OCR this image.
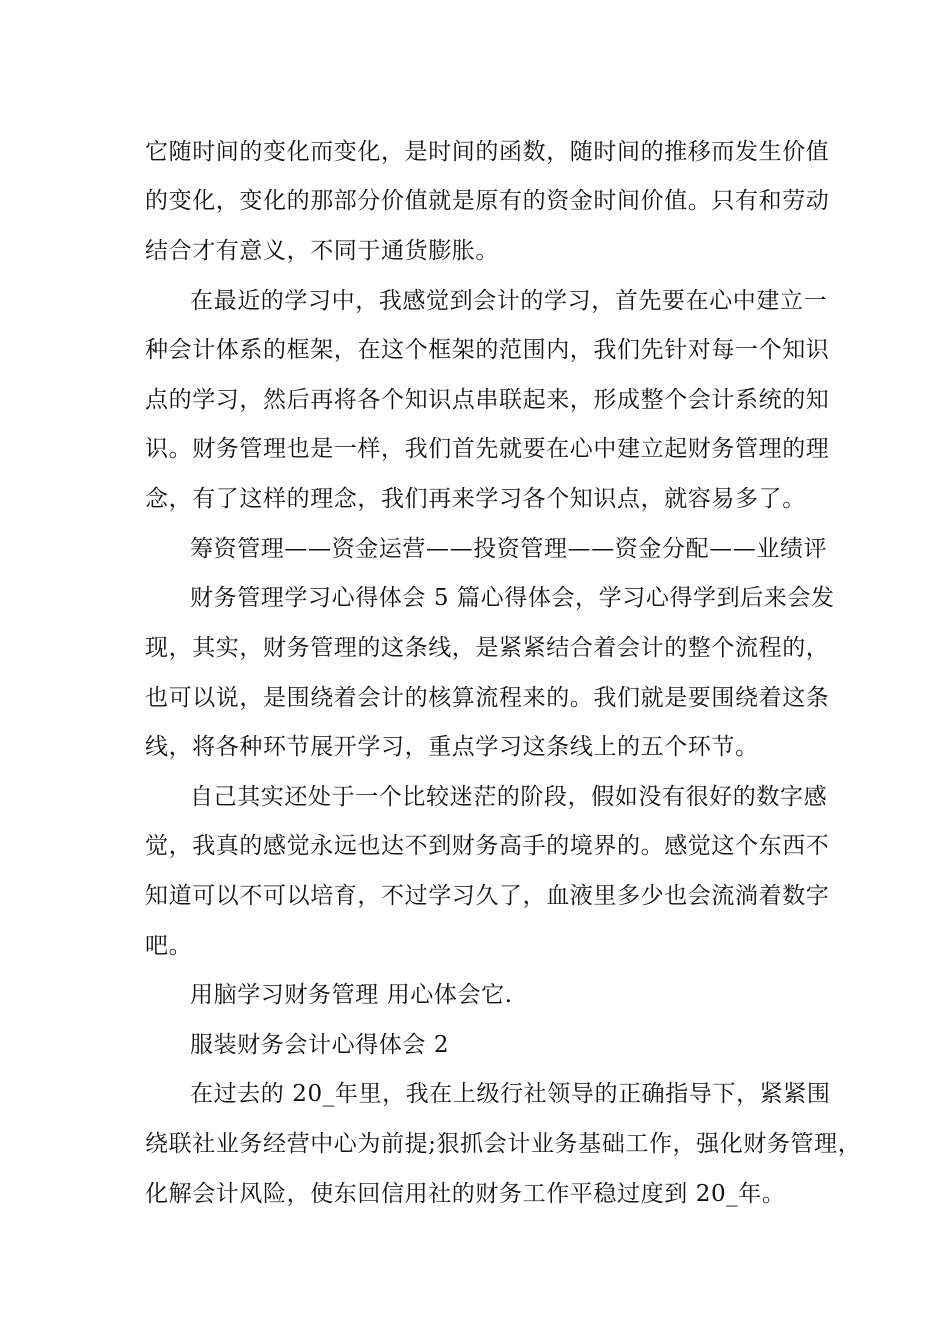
它随时间的变化而变化，是时间的函数，随时间的推移而发生价值
的变化，变化的那部分价值就是原有的资金时间价值。只有和劳动
结合才有意义，不同于通货膨胀。
在最近的学习中，我感觉到会计的学习，首先要在心中建立一
种会计体系的框架，在这个框架的范围内，我们先针对每一个知识
点的学习，然后再将各个知识点串联起来，形成整个会计系统的知
识。财务管理也是一样，我们首先就要在心中建立起财务管理的理
念，有了这样的理念，我们再来学习各个知识点，就容易多了。
筹资管理——资金运营——投资管理——资金分配——业绩评
财务管理学习心得体会 5 篇心得体会，学习心得学到后来会发
现，其实，财务管理的这条线，是紧紧结合着会计的整个流程的，
也可以说，是围绕着会计的核算流程来的。我们就是要围绕着这条
线，将各种环节展开学习，重点学习这条线上的五个环节。
自己其实还处于一个比较迷茫的阶段，假如没有很好的数字感
觉，我真的感觉永远也达不到财务高手的境界的。感觉这个东西不
知道可以不可以培育，不过学习久了，血液里多少也会流淌着数字
吧。
用脑学习财务管理 用心体会它.
服装财务会计心得体会 2
在过去的 20_年里，我在上级行社领导的正确指导下，紧紧围
绕联社业务经营中心为前提;狠抓会计业务基础工作，强化财务管理，
化解会计风险，使东回信用社的财务工作平稳过度到 20_年。
